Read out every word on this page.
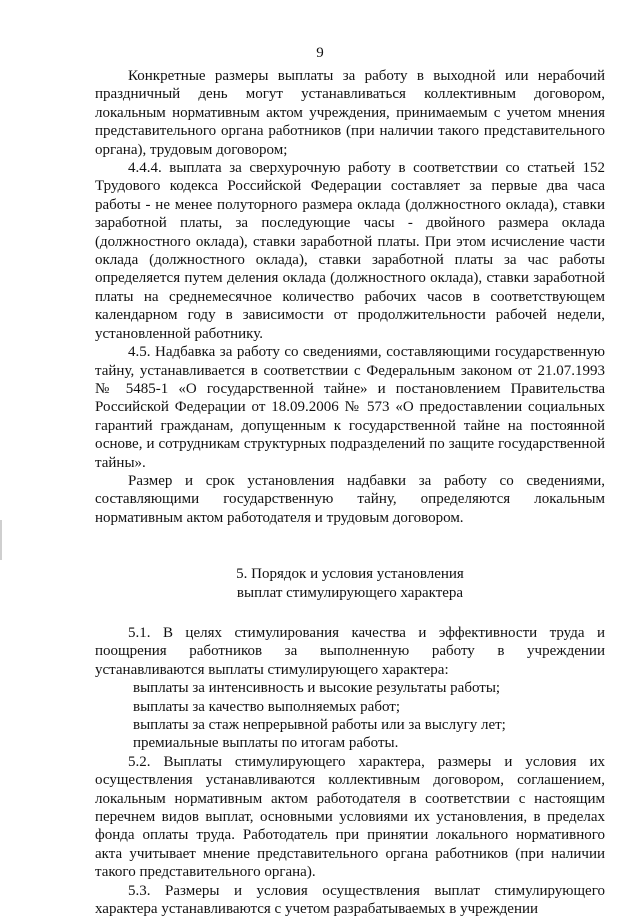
9

Конкретные размеры выплаты за работу в выходной или нерабочий праздничный день могут устанавливаться коллективным договором, локальным нормативным актом учреждения, принимаемым с учетом мнения представительного органа работников (при наличии такого представительного органа), трудовым договором;

4.4.4. выплата за сверхурочную работу в соответствии со статьей 152 Трудового кодекса Российской Федерации составляет за первые два часа работы - не менее полуторного размера оклада (должностного оклада), ставки заработной платы, за последующие часы - двойного размера оклада (должностного оклада), ставки заработной платы. При этом исчисление части оклада (должностного оклада), ставки заработной платы за час работы определяется путем деления оклада (должностного оклада), ставки заработной платы на среднемесячное количество рабочих часов в соответствующем календарном году в зависимости от продолжительности рабочей недели, установленной работнику.

4.5. Надбавка за работу со сведениями, составляющими государственную тайну, устанавливается в соответствии с Федеральным законом от 21.07.1993 № 5485-1 «О государственной тайне» и постановлением Правительства Российской Федерации от 18.09.2006 № 573 «О предоставлении социальных гарантий гражданам, допущенным к государственной тайне на постоянной основе, и сотрудникам структурных подразделений по защите государственной тайны».

Размер и срок установления надбавки за работу со сведениями, составляющими государственную тайну, определяются локальным нормативным актом работодателя и трудовым договором.

5. Порядок и условия установления
выплат стимулирующего характера

5.1. В целях стимулирования качества и эффективности труда и поощрения работников за выполненную работу в учреждении устанавливаются выплаты стимулирующего характера:

выплаты за интенсивность и высокие результаты работы;

выплаты за качество выполняемых работ;

выплаты за стаж непрерывной работы или за выслугу лет;

премиальные выплаты по итогам работы.

5.2. Выплаты стимулирующего характера, размеры и условия их осуществления устанавливаются коллективным договором, соглашением, локальным нормативным актом работодателя в соответствии с настоящим перечнем видов выплат, основными условиями их установления, в пределах фонда оплаты труда. Работодатель при принятии локального нормативного акта учитывает мнение представительного органа работников (при наличии такого представительного органа).

5.3. Размеры и условия осуществления выплат стимулирующего характера устанавливаются с учетом разрабатываемых в учреждении
